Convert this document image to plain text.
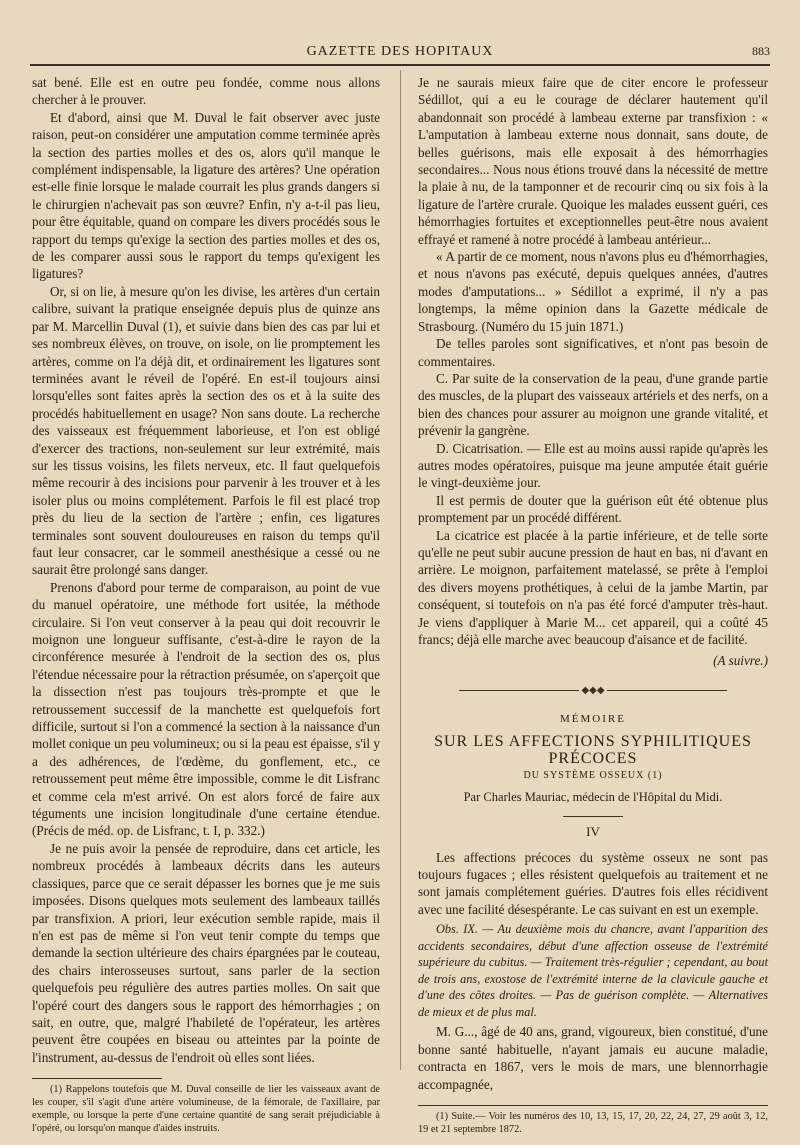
GAZETTE DES HOPITAUX	883

sat bené. Elle est en outre peu fondée, comme nous allons chercher à le prouver.

Et d'abord, ainsi que M. Duval le fait observer avec juste raison, peut-on considérer une amputation comme terminée après la section des parties molles et des os, alors qu'il manque le complément indispensable, la ligature des artères? Une opération est-elle finie lorsque le malade courrait les plus grands dangers si le chirurgien n'achevait pas son œuvre? Enfin, n'y a-t-il pas lieu, pour être équitable, quand on compare les divers procédés sous le rapport du temps qu'exige la section des parties molles et des os, de les comparer aussi sous le rapport du temps qu'exigent les ligatures?

Or, si on lie, à mesure qu'on les divise, les artères d'un certain calibre, suivant la pratique enseignée depuis plus de quinze ans par M. Marcellin Duval (1), et suivie dans bien des cas par lui et ses nombreux élèves, on trouve, on isole, on lie promptement les artères, comme on l'a déjà dit, et ordinairement les ligatures sont terminées avant le réveil de l'opéré. En est-il toujours ainsi lorsqu'elles sont faites après la section des os et à la suite des procédés habituellement en usage? Non sans doute. La recherche des vaisseaux est fréquemment laborieuse, et l'on est obligé d'exercer des tractions, non-seulement sur leur extrémité, mais sur les tissus voisins, les filets nerveux, etc. Il faut quelquefois même recourir à des incisions pour parvenir à les trouver et à les isoler plus ou moins complétement. Parfois le fil est placé trop près du lieu de la section de l'artère ; enfin, ces ligatures terminales sont souvent douloureuses en raison du temps qu'il faut leur consacrer, car le sommeil anesthésique a cessé ou ne saurait être prolongé sans danger.

Prenons d'abord pour terme de comparaison, au point de vue du manuel opératoire, une méthode fort usitée, la méthode circulaire. Si l'on veut conserver à la peau qui doit recouvrir le moignon une longueur suffisante, c'est-à-dire le rayon de la circonférence mesurée à l'endroit de la section des os, plus l'étendue nécessaire pour la rétraction présumée, on s'aperçoit que la dissection n'est pas toujours très-prompte et que le retroussement successif de la manchette est quelquefois fort difficile, surtout si l'on a commencé la section à la naissance d'un mollet conique un peu volumineux; ou si la peau est épaisse, s'il y a des adhérences, de l'œdème, du gonflement, etc., ce retroussement peut même être impossible, comme le dit Lisfranc et comme cela m'est arrivé. On est alors forcé de faire aux téguments une incision longitudinale d'une certaine étendue. (Précis de méd. op. de Lisfranc, t. I, p. 332.)

Je ne puis avoir la pensée de reproduire, dans cet article, les nombreux procédés à lambeaux décrits dans les auteurs classiques, parce que ce serait dépasser les bornes que je me suis imposées. Disons quelques mots seulement des lambeaux taillés par transfixion. A priori, leur exécution semble rapide, mais il n'en est pas de même si l'on veut tenir compte du temps que demande la section ultérieure des chairs épargnées par le couteau, des chairs interosseuses surtout, sans parler de la section quelquefois peu régulière des autres parties molles. On sait que l'opéré court des dangers sous le rapport des hémorrhagies ; on sait, en outre, que, malgré l'habileté de l'opérateur, les artères peuvent être coupées en biseau ou atteintes par la pointe de l'instrument, au-dessus de l'endroit où elles sont liées.

(1) Rappelons toutefois que M. Duval conseille de lier les vaisseaux avant de les couper, s'il s'agit d'une artère volumineuse, de la fémorale, de l'axillaire, par exemple, ou lorsque la perte d'une certaine quantité de sang serait préjudiciable à l'opéré, ou lorsqu'on manque d'aides instruits.

Je ne saurais mieux faire que de citer encore le professeur Sédillot, qui a eu le courage de déclarer hautement qu'il abandonnait son procédé à lambeau externe par transfixion : « L'amputation à lambeau externe nous donnait, sans doute, de belles guérisons, mais elle exposait à des hémorrhagies secondaires... Nous nous étions trouvé dans la nécessité de mettre la plaie à nu, de la tamponner et de recourir cinq ou six fois à la ligature de l'artère crurale. Quoique les malades eussent guéri, ces hémorrhagies fortuites et exceptionnelles peut-être nous avaient effrayé et ramené à notre procédé à lambeau antérieur...

« A partir de ce moment, nous n'avons plus eu d'hémorrhagies, et nous n'avons pas exécuté, depuis quelques années, d'autres modes d'amputations... » Sédillot a exprimé, il n'y a pas longtemps, la même opinion dans la Gazette médicale de Strasbourg. (Numéro du 15 juin 1871.)

De telles paroles sont significatives, et n'ont pas besoin de commentaires.

C. Par suite de la conservation de la peau, d'une grande partie des muscles, de la plupart des vaisseaux artériels et des nerfs, on a bien des chances pour assurer au moignon une grande vitalité, et prévenir la gangrène.

D. Cicatrisation. — Elle est au moins aussi rapide qu'après les autres modes opératoires, puisque ma jeune amputée était guérie le vingt-deuxième jour.

Il est permis de douter que la guérison eût été obtenue plus promptement par un procédé différent.

La cicatrice est placée à la partie inférieure, et de telle sorte qu'elle ne peut subir aucune pression de haut en bas, ni d'avant en arrière. Le moignon, parfaitement matelassé, se prête à l'emploi des divers moyens prothétiques, à celui de la jambe Martin, par conséquent, si toutefois on n'a pas été forcé d'amputer très-haut. Je viens d'appliquer à Marie M... cet appareil, qui a coûté 45 francs; déjà elle marche avec beaucoup d'aisance et de facilité.

(A suivre.)
◆◆◆
MÉMOIRE
SUR LES AFFECTIONS SYPHILITIQUES PRÉCOCES
DU SYSTÈME OSSEUX (1)
Par Charles Mauriac, médecin de l'Hôpital du Midi.
IV

Les affections précoces du système osseux ne sont pas toujours fugaces ; elles résistent quelquefois au traitement et ne sont jamais complétement guéries. D'autres fois elles récidivent avec une facilité désespérante. Le cas suivant en est un exemple.

Obs. IX. — Au deuxième mois du chancre, avant l'apparition des accidents secondaires, début d'une affection osseuse de l'extrémité supérieure du cubitus. — Traitement très-régulier ; cependant, au bout de trois ans, exostose de l'extrémité interne de la clavicule gauche et d'une des côtes droites. — Pas de guérison complète. — Alternatives de mieux et de plus mal.

M. G..., âgé de 40 ans, grand, vigoureux, bien constitué, d'une bonne santé habituelle, n'ayant jamais eu aucune maladie, contracta en 1867, vers le mois de mars, une blennorrhagie accompagnée,

(1) Suite.— Voir les numéros des 10, 13, 15, 17, 20, 22, 24, 27, 29 août 3, 12, 19 et 21 septembre 1872.
